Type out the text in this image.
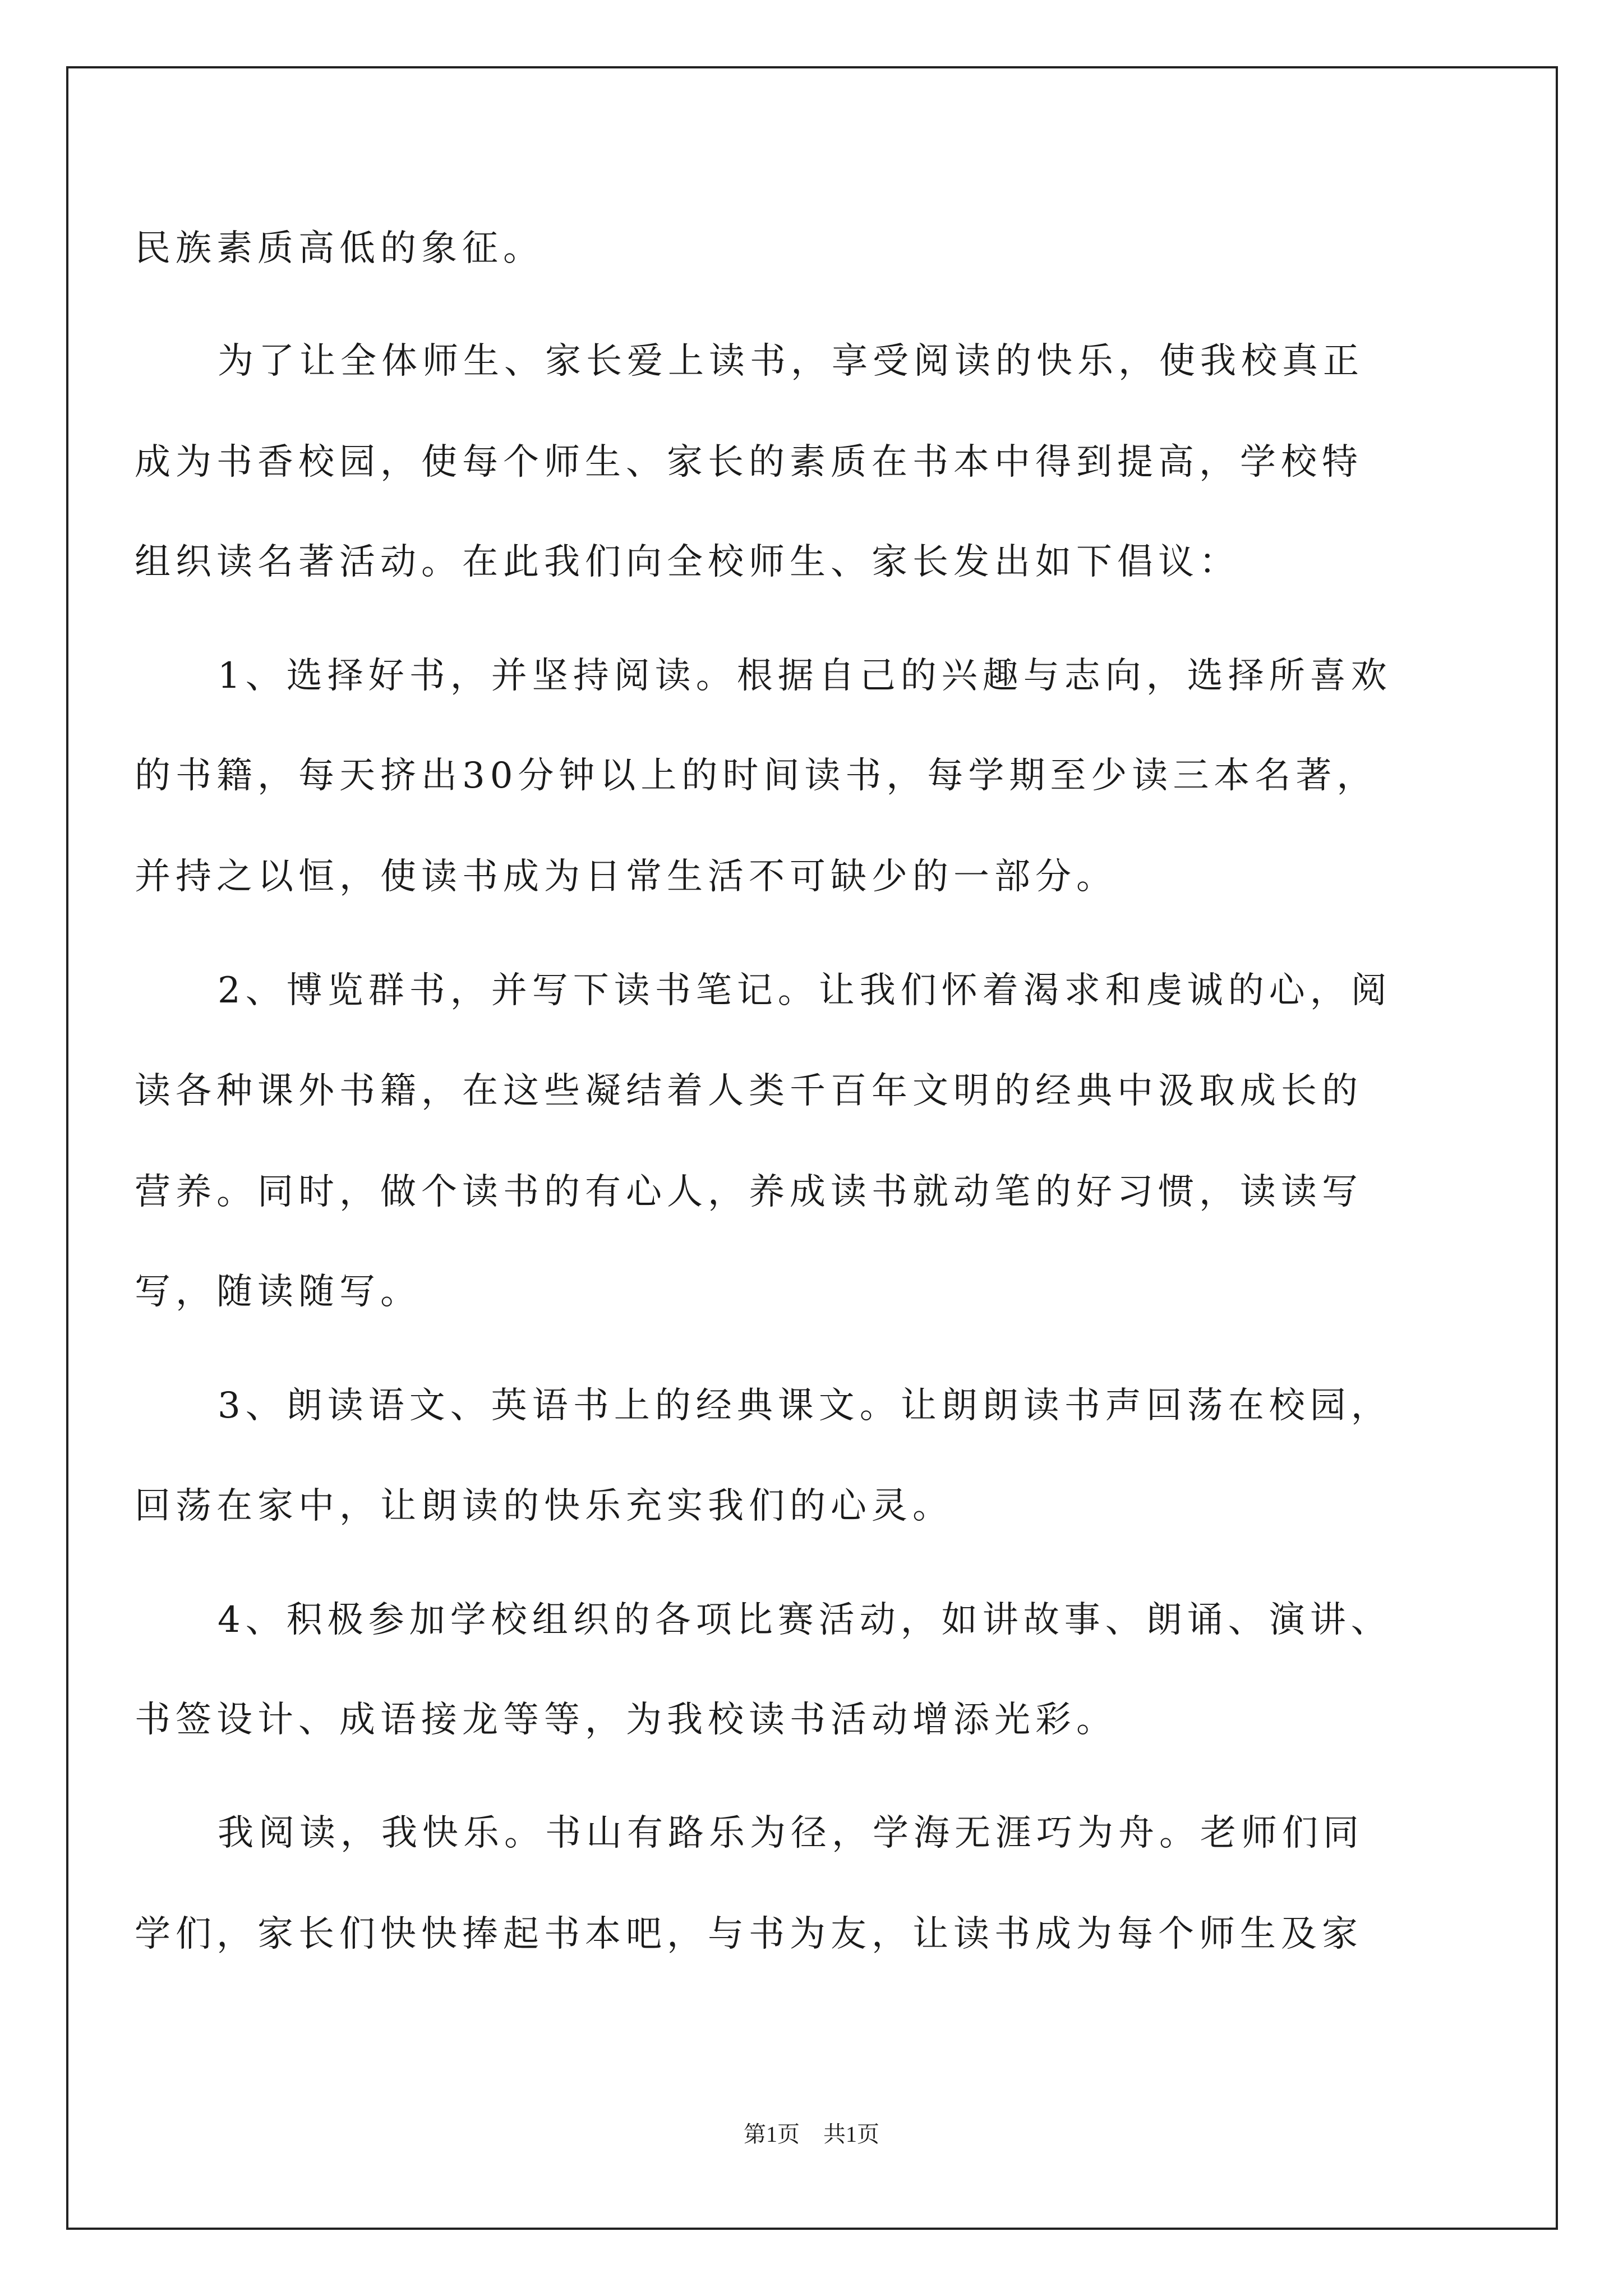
民族素质高低的象征。
为了让全体师生、家长爱上读书，享受阅读的快乐，使我校真正
成为书香校园，使每个师生、家长的素质在书本中得到提高，学校特
组织读名著活动。在此我们向全校师生、家长发出如下倡议：
1、选择好书，并坚持阅读。根据自己的兴趣与志向，选择所喜欢
的书籍，每天挤出30分钟以上的时间读书，每学期至少读三本名著，
并持之以恒，使读书成为日常生活不可缺少的一部分。
2、博览群书，并写下读书笔记。让我们怀着渴求和虔诚的心，阅
读各种课外书籍，在这些凝结着人类千百年文明的经典中汲取成长的
营养。同时，做个读书的有心人，养成读书就动笔的好习惯，读读写
写，随读随写。
3、朗读语文、英语书上的经典课文。让朗朗读书声回荡在校园，
回荡在家中，让朗读的快乐充实我们的心灵。
4、积极参加学校组织的各项比赛活动，如讲故事、朗诵、演讲、
书签设计、成语接龙等等，为我校读书活动增添光彩。
我阅读，我快乐。书山有路乐为径，学海无涯巧为舟。老师们同
学们，家长们快快捧起书本吧，与书为友，让读书成为每个师生及家
第1页 共1页
